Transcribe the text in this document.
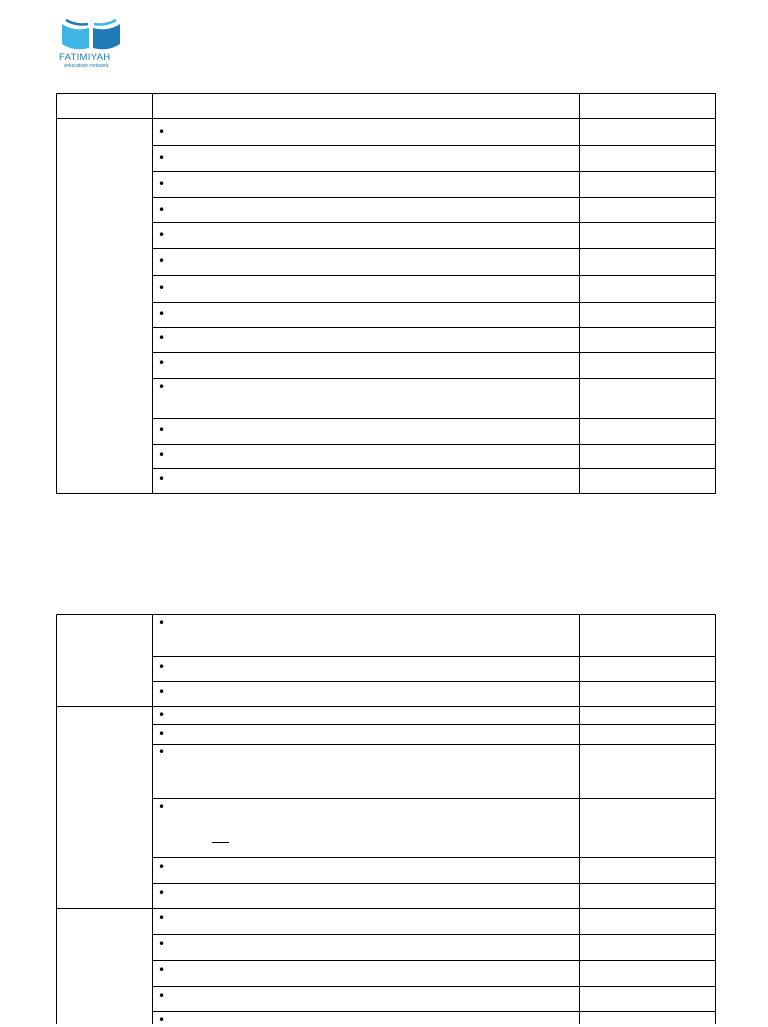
FATIMIYAH
education network
•
•
•
•
•
•
•
•
•
•
•
•
•
•
•
•
•
•
•
•
•
•
•
•
•
•
•
•
